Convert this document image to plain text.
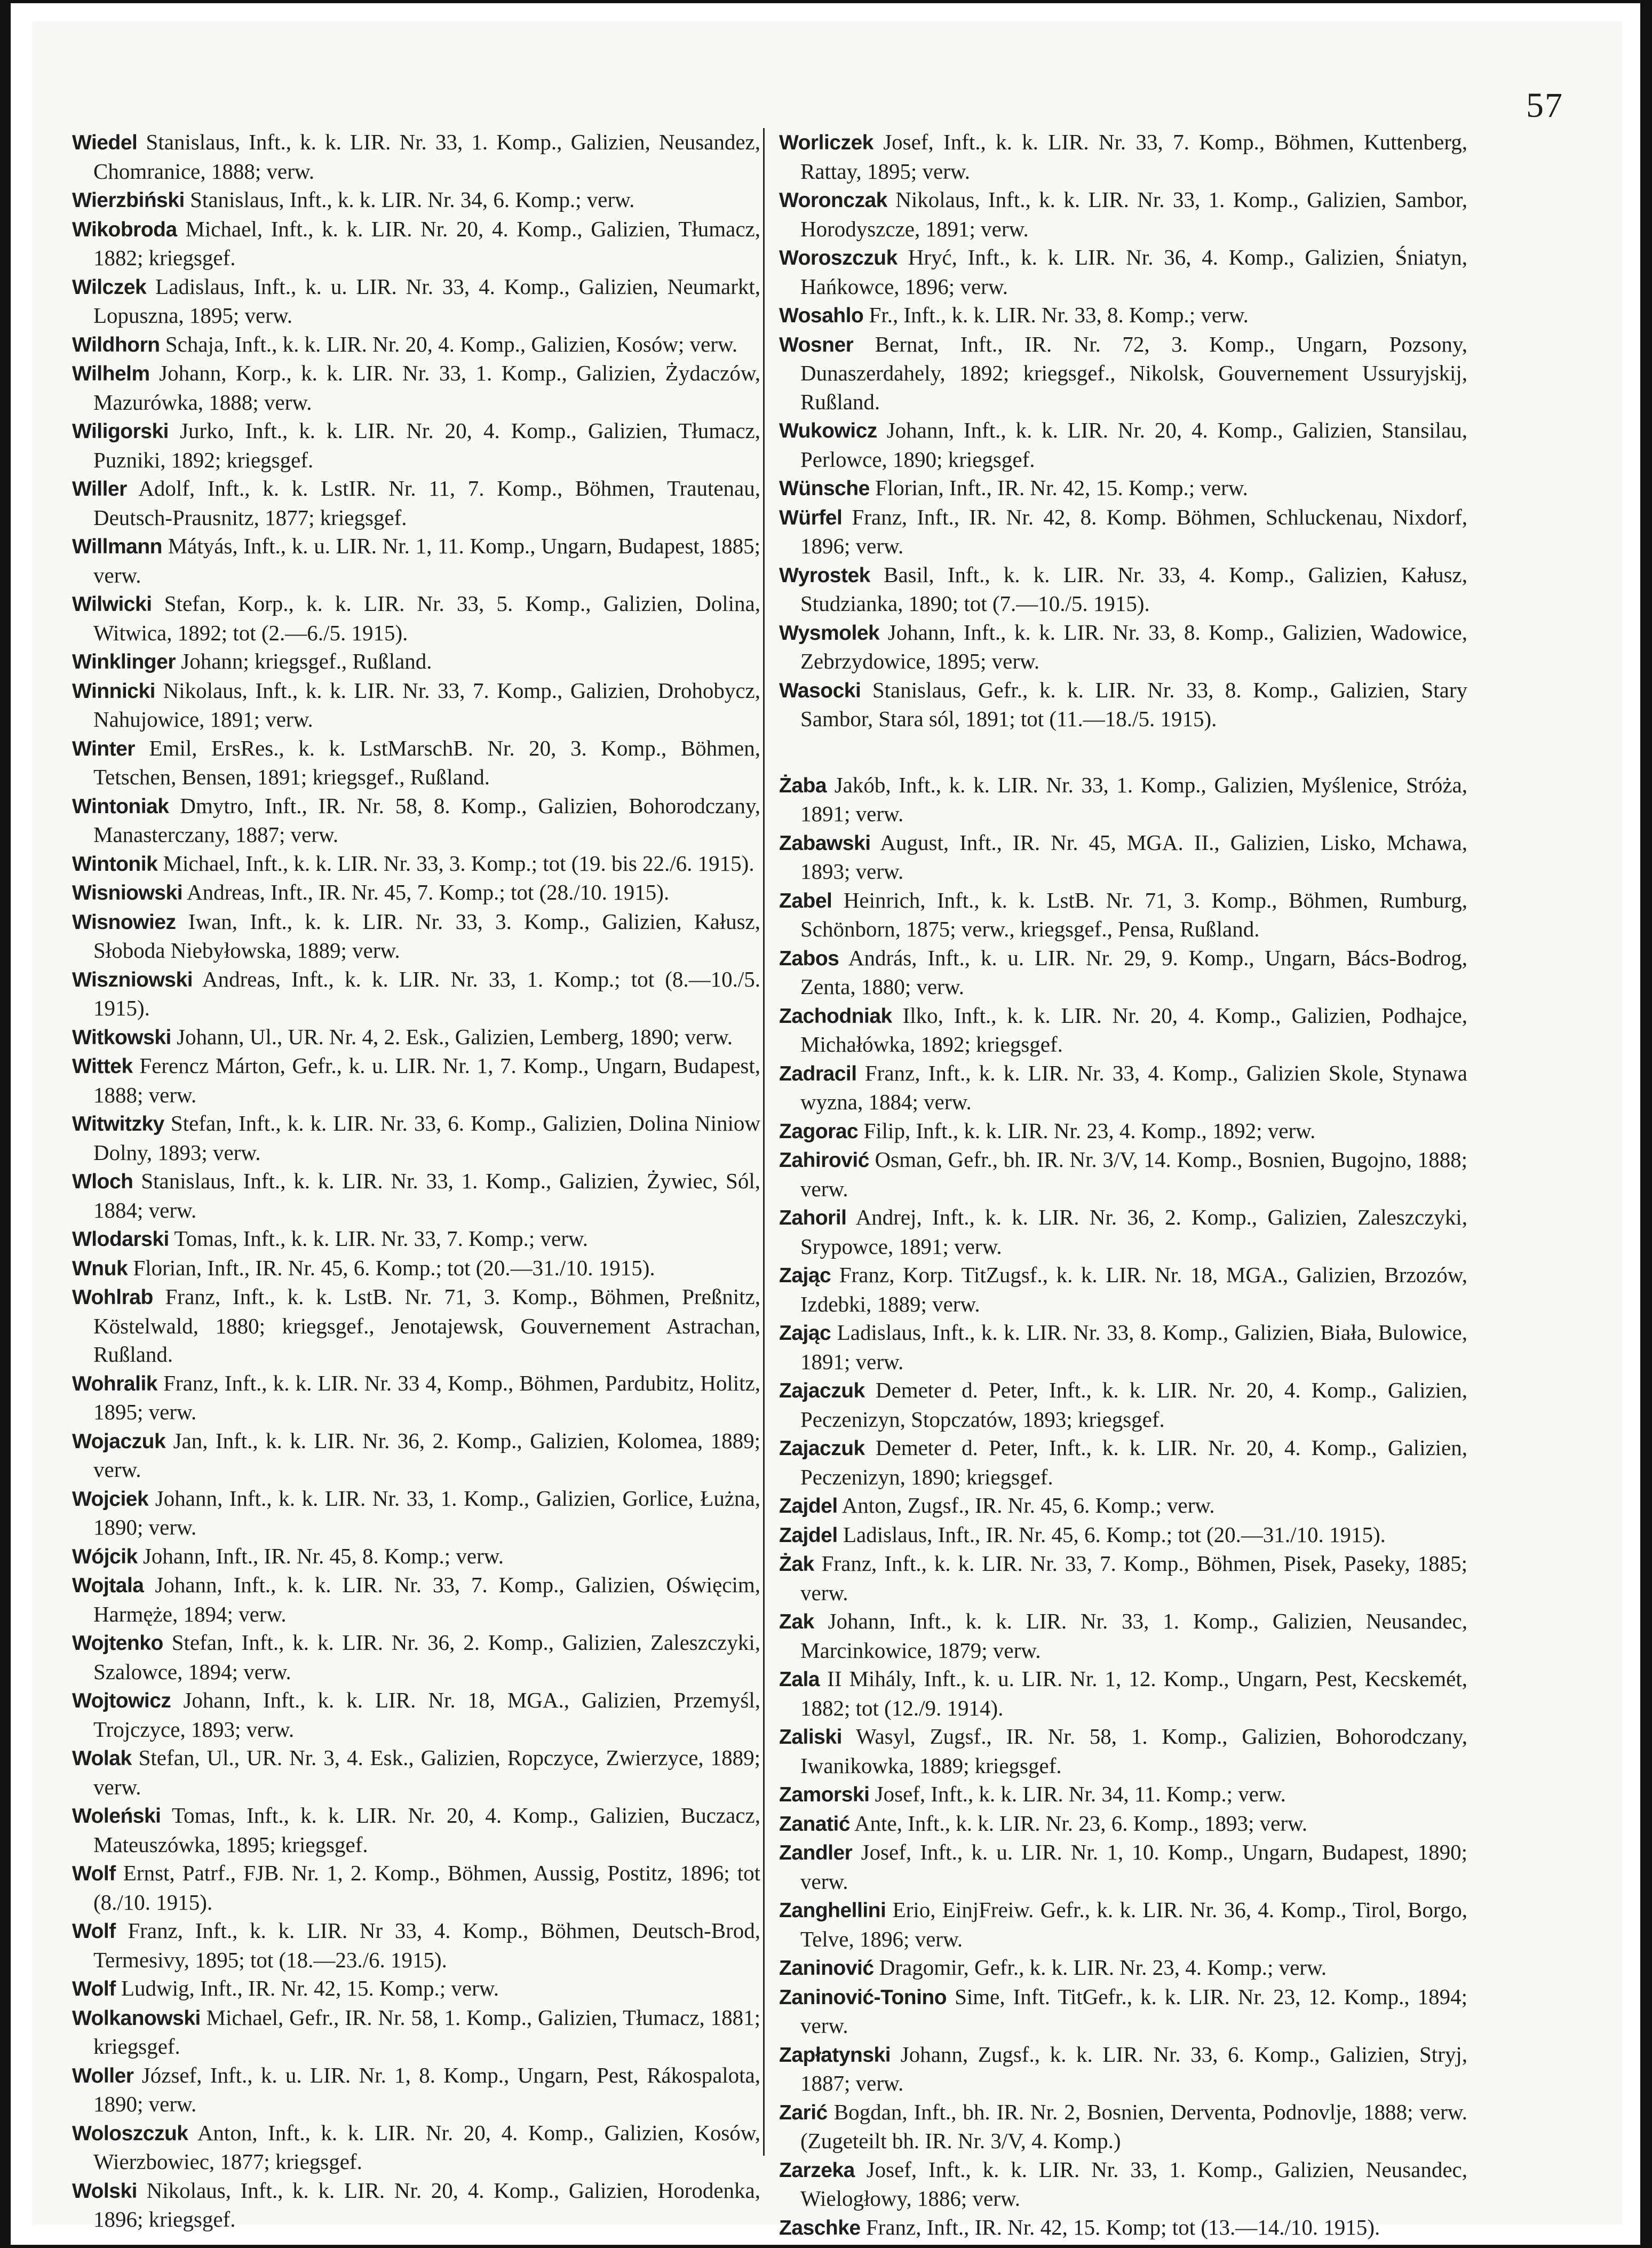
57

Wiedel Stanislaus, Inft., k. k. LIR. Nr. 33, 1. Komp., Galizien, Neusandez, Chomranice, 1888; verw.

Wierzbiński Stanislaus, Inft., k. k. LIR. Nr. 34, 6. Komp.; verw.

Wikobroda Michael, Inft., k. k. LIR. Nr. 20, 4. Komp., Galizien, Tłumacz, 1882; kriegsgef.

Wilczek Ladislaus, Inft., k. u. LIR. Nr. 33, 4. Komp., Galizien, Neumarkt, Lopuszna, 1895; verw.

Wildhorn Schaja, Inft., k. k. LIR. Nr. 20, 4. Komp., Galizien, Kosów; verw.

Wilhelm Johann, Korp., k. k. LIR. Nr. 33, 1. Komp., Galizien, Żydaczów, Mazurówka, 1888; verw.

Wiligorski Jurko, Inft., k. k. LIR. Nr. 20, 4. Komp., Galizien, Tłumacz, Puzniki, 1892; kriegsgef.

Willer Adolf, Inft., k. k. LstIR. Nr. 11, 7. Komp., Böhmen, Trautenau, Deutsch-Prausnitz, 1877; kriegsgef.

Willmann Mátyás, Inft., k. u. LIR. Nr. 1, 11. Komp., Ungarn, Budapest, 1885; verw.

Wilwicki Stefan, Korp., k. k. LIR. Nr. 33, 5. Komp., Galizien, Dolina, Witwica, 1892; tot (2.—6./5. 1915).

Winklinger Johann; kriegsgef., Rußland.

Winnicki Nikolaus, Inft., k. k. LIR. Nr. 33, 7. Komp., Galizien, Drohobycz, Nahujowice, 1891; verw.

Winter Emil, ErsRes., k. k. LstMarschB. Nr. 20, 3. Komp., Böhmen, Tetschen, Bensen, 1891; kriegsgef., Rußland.

Wintoniak Dmytro, Inft., IR. Nr. 58, 8. Komp., Galizien, Bohorodczany, Manasterczany, 1887; verw.

Wintonik Michael, Inft., k. k. LIR. Nr. 33, 3. Komp.; tot (19. bis 22./6. 1915).

Wisniowski Andreas, Inft., IR. Nr. 45, 7. Komp.; tot (28./10. 1915).

Wisnowiez Iwan, Inft., k. k. LIR. Nr. 33, 3. Komp., Galizien, Kałusz, Słoboda Niebyłowska, 1889; verw.

Wiszniowski Andreas, Inft., k. k. LIR. Nr. 33, 1. Komp.; tot (8.—10./5. 1915).

Witkowski Johann, Ul., UR. Nr. 4, 2. Esk., Galizien, Lemberg, 1890; verw.

Wittek Ferencz Márton, Gefr., k. u. LIR. Nr. 1, 7. Komp., Ungarn, Budapest, 1888; verw.

Witwitzky Stefan, Inft., k. k. LIR. Nr. 33, 6. Komp., Galizien, Dolina Niniow Dolny, 1893; verw.

Wloch Stanislaus, Inft., k. k. LIR. Nr. 33, 1. Komp., Galizien, Żywiec, Sól, 1884; verw.

Wlodarski Tomas, Inft., k. k. LIR. Nr. 33, 7. Komp.; verw.

Wnuk Florian, Inft., IR. Nr. 45, 6. Komp.; tot (20.—31./10. 1915).

Wohlrab Franz, Inft., k. k. LstB. Nr. 71, 3. Komp., Böhmen, Preßnitz, Köstelwald, 1880; kriegsgef., Jenotajewsk, Gouvernement Astrachan, Rußland.

Wohralik Franz, Inft., k. k. LIR. Nr. 33 4, Komp., Böhmen, Pardubitz, Holitz, 1895; verw.

Wojaczuk Jan, Inft., k. k. LIR. Nr. 36, 2. Komp., Galizien, Kolomea, 1889; verw.

Wojciek Johann, Inft., k. k. LIR. Nr. 33, 1. Komp., Galizien, Gorlice, Łużna, 1890; verw.

Wójcik Johann, Inft., IR. Nr. 45, 8. Komp.; verw.

Wojtala Johann, Inft., k. k. LIR. Nr. 33, 7. Komp., Galizien, Oświęcim, Harmęże, 1894; verw.

Wojtenko Stefan, Inft., k. k. LIR. Nr. 36, 2. Komp., Galizien, Zaleszczyki, Szalowce, 1894; verw.

Wojtowicz Johann, Inft., k. k. LIR. Nr. 18, MGA., Galizien, Przemyśl, Trojczyce, 1893; verw.

Wolak Stefan, Ul., UR. Nr. 3, 4. Esk., Galizien, Ropczyce, Zwierzyce, 1889; verw.

Woleński Tomas, Inft., k. k. LIR. Nr. 20, 4. Komp., Galizien, Buczacz, Mateuszówka, 1895; kriegsgef.

Wolf Ernst, Patrf., FJB. Nr. 1, 2. Komp., Böhmen, Aussig, Postitz, 1896; tot (8./10. 1915).

Wolf Franz, Inft., k. k. LIR. Nr 33, 4. Komp., Böhmen, Deutsch-Brod, Termesivy, 1895; tot (18.—23./6. 1915).

Wolf Ludwig, Inft., IR. Nr. 42, 15. Komp.; verw.

Wolkanowski Michael, Gefr., IR. Nr. 58, 1. Komp., Galizien, Tłumacz, 1881; kriegsgef.

Woller József, Inft., k. u. LIR. Nr. 1, 8. Komp., Ungarn, Pest, Rákospalota, 1890; verw.

Woloszczuk Anton, Inft., k. k. LIR. Nr. 20, 4. Komp., Galizien, Kosów, Wierzbowiec, 1877; kriegsgef.

Wolski Nikolaus, Inft., k. k. LIR. Nr. 20, 4. Komp., Galizien, Horodenka, 1896; kriegsgef.

Worliczek Josef, Inft., k. k. LIR. Nr. 33, 7. Komp., Böhmen, Kuttenberg, Rattay, 1895; verw.

Woronczak Nikolaus, Inft., k. k. LIR. Nr. 33, 1. Komp., Galizien, Sambor, Horodyszcze, 1891; verw.

Woroszczuk Hryć, Inft., k. k. LIR. Nr. 36, 4. Komp., Galizien, Śniatyn, Hańkowce, 1896; verw.

Wosahlo Fr., Inft., k. k. LIR. Nr. 33, 8. Komp.; verw.

Wosner Bernat, Inft., IR. Nr. 72, 3. Komp., Ungarn, Pozsony, Dunaszerdahely, 1892; kriegsgef., Nikolsk, Gouvernement Ussuryjskij, Rußland.

Wukowicz Johann, Inft., k. k. LIR. Nr. 20, 4. Komp., Galizien, Stansilau, Perlowce, 1890; kriegsgef.

Wünsche Florian, Inft., IR. Nr. 42, 15. Komp.; verw.

Würfel Franz, Inft., IR. Nr. 42, 8. Komp. Böhmen, Schluckenau, Nixdorf, 1896; verw.

Wyrostek Basil, Inft., k. k. LIR. Nr. 33, 4. Komp., Galizien, Kałusz, Studzianka, 1890; tot (7.—10./5. 1915).

Wysmolek Johann, Inft., k. k. LIR. Nr. 33, 8. Komp., Galizien, Wadowice, Zebrzydowice, 1895; verw.

Wasocki Stanislaus, Gefr., k. k. LIR. Nr. 33, 8. Komp., Galizien, Stary Sambor, Stara sól, 1891; tot (11.—18./5. 1915).

Żaba Jakób, Inft., k. k. LIR. Nr. 33, 1. Komp., Galizien, Myślenice, Stróża, 1891; verw.

Zabawski August, Inft., IR. Nr. 45, MGA. II., Galizien, Lisko, Mchawa, 1893; verw.

Zabel Heinrich, Inft., k. k. LstB. Nr. 71, 3. Komp., Böhmen, Rumburg, Schönborn, 1875; verw., kriegsgef., Pensa, Rußland.

Zabos András, Inft., k. u. LIR. Nr. 29, 9. Komp., Ungarn, Bács-Bodrog, Zenta, 1880; verw.

Zachodniak Ilko, Inft., k. k. LIR. Nr. 20, 4. Komp., Galizien, Podhajce, Michałówka, 1892; kriegsgef.

Zadracil Franz, Inft., k. k. LIR. Nr. 33, 4. Komp., Galizien Skole, Stynawa wyzna, 1884; verw.

Zagorac Filip, Inft., k. k. LIR. Nr. 23, 4. Komp., 1892; verw.

Zahirović Osman, Gefr., bh. IR. Nr. 3/V, 14. Komp., Bosnien, Bugojno, 1888; verw.

Zahoril Andrej, Inft., k. k. LIR. Nr. 36, 2. Komp., Galizien, Zaleszczyki, Srypowce, 1891; verw.

Zając Franz, Korp. TitZugsf., k. k. LIR. Nr. 18, MGA., Galizien, Brzozów, Izdebki, 1889; verw.

Zając Ladislaus, Inft., k. k. LIR. Nr. 33, 8. Komp., Galizien, Biała, Bulowice, 1891; verw.

Zajaczuk Demeter d. Peter, Inft., k. k. LIR. Nr. 20, 4. Komp., Galizien, Peczenizyn, Stopczatów, 1893; kriegsgef.

Zajaczuk Demeter d. Peter, Inft., k. k. LIR. Nr. 20, 4. Komp., Galizien, Peczenizyn, 1890; kriegsgef.

Zajdel Anton, Zugsf., IR. Nr. 45, 6. Komp.; verw.

Zajdel Ladislaus, Inft., IR. Nr. 45, 6. Komp.; tot (20.—31./10. 1915).

Żak Franz, Inft., k. k. LIR. Nr. 33, 7. Komp., Böhmen, Pisek, Paseky, 1885; verw.

Zak Johann, Inft., k. k. LIR. Nr. 33, 1. Komp., Galizien, Neusandec, Marcinkowice, 1879; verw.

Zala II Mihály, Inft., k. u. LIR. Nr. 1, 12. Komp., Ungarn, Pest, Kecskemét, 1882; tot (12./9. 1914).

Zaliski Wasyl, Zugsf., IR. Nr. 58, 1. Komp., Galizien, Bohorodczany, Iwanikowka, 1889; kriegsgef.

Zamorski Josef, Inft., k. k. LIR. Nr. 34, 11. Komp.; verw.

Zanatić Ante, Inft., k. k. LIR. Nr. 23, 6. Komp., 1893; verw.

Zandler Josef, Inft., k. u. LIR. Nr. 1, 10. Komp., Ungarn, Budapest, 1890; verw.

Zanghellini Erio, EinjFreiw. Gefr., k. k. LIR. Nr. 36, 4. Komp., Tirol, Borgo, Telve, 1896; verw.

Zaninović Dragomir, Gefr., k. k. LIR. Nr. 23, 4. Komp.; verw.

Zaninović-Tonino Sime, Inft. TitGefr., k. k. LIR. Nr. 23, 12. Komp., 1894; verw.

Zapłatynski Johann, Zugsf., k. k. LIR. Nr. 33, 6. Komp., Galizien, Stryj, 1887; verw.

Zarić Bogdan, Inft., bh. IR. Nr. 2, Bosnien, Derventa, Podnovlje, 1888; verw. (Zugeteilt bh. IR. Nr. 3/V, 4. Komp.)

Zarzeka Josef, Inft., k. k. LIR. Nr. 33, 1. Komp., Galizien, Neusandec, Wielogłowy, 1886; verw.

Zaschke Franz, Inft., IR. Nr. 42, 15. Komp; tot (13.—14./10. 1915).
